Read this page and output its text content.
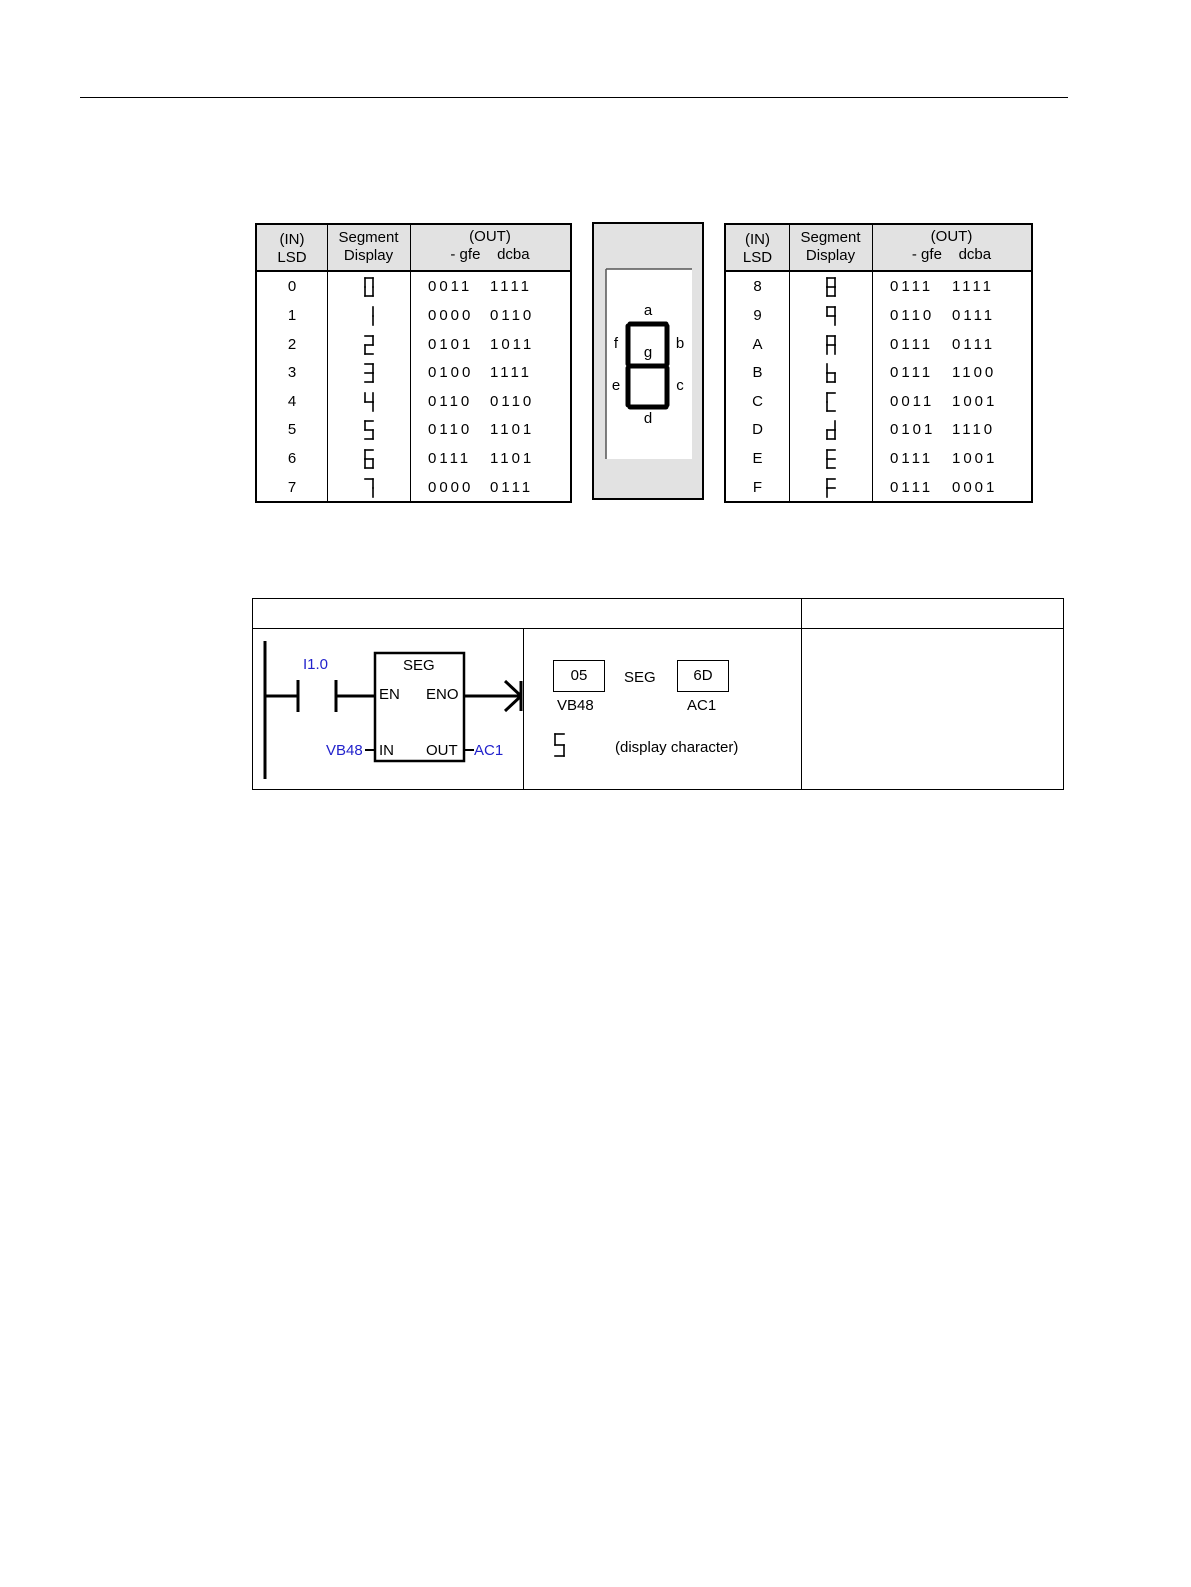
(IN)
LSD
Segment
Display
(OUT)
- gfe dcba
0	0011 1111
1	0000 0110
2	0101 1011
3	0100 1111
4	0110 0110
5	0110 1101
6	0111 1101
7	0000 0111
a
b
c
d
e
f
g
(IN)
LSD
Segment
Display
(OUT)
- gfe dcba
8	0111 1111
9	0110 0111
A	0111 0111
B	0111 1100
C	0011 1001
D	0101 1110
E	0111 1001
F	0111 0001
I1.0	SEG
EN ENO
IN OUT
VB48	AC1
05	SEG	6D
VB48	AC1
(display character)
